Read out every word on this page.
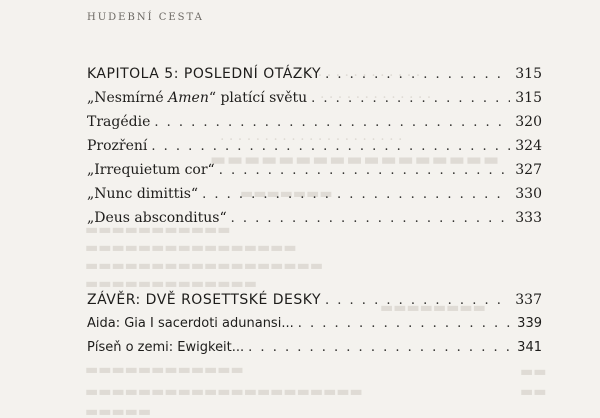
. . . . . . . . . . . . . .
. . . . . . . . . . . . .
. . . . . . . . . . . . . . . . . . . . .
▬▬▬▬▬▬▬▬▬▬▬▬▬▬▬▬▬
▬▬▬▬▬▬▬
▬▬▬▬▬▬▬▬▬▬▬
▬▬▬▬▬▬▬▬▬▬▬▬▬▬▬▬
▬▬▬▬▬▬▬▬▬▬▬▬▬▬▬▬▬▬
▬▬▬▬▬▬▬▬▬▬▬▬▬
▬▬▬▬▬▬▬▬
▬▬▬▬▬▬▬▬▬▬▬▬
▬▬▬▬▬▬▬▬▬▬▬▬▬▬▬▬▬▬▬▬▬
▬▬▬▬▬
▬▬
▬▬
HUDEBNÍ CESTA
KAPITOLA 5: POSLEDNÍ OTÁZKY . . .	315
„Nesmírné Amen“ platící světu . . .	315
Tragédie . . .	320
Prozření . . .	324
„Irrequietum cor“ . . .	327
„Nunc dimittis“ . . .	330
„Deus absconditus“ . . .	333
ZÁVĚR: DVĚ ROSETTSKÉ DESKY . . .	337
Aida: Gia I sacerdoti adunansi... . . .	339
Píseň o zemi: Ewigkeit... . . .	341
